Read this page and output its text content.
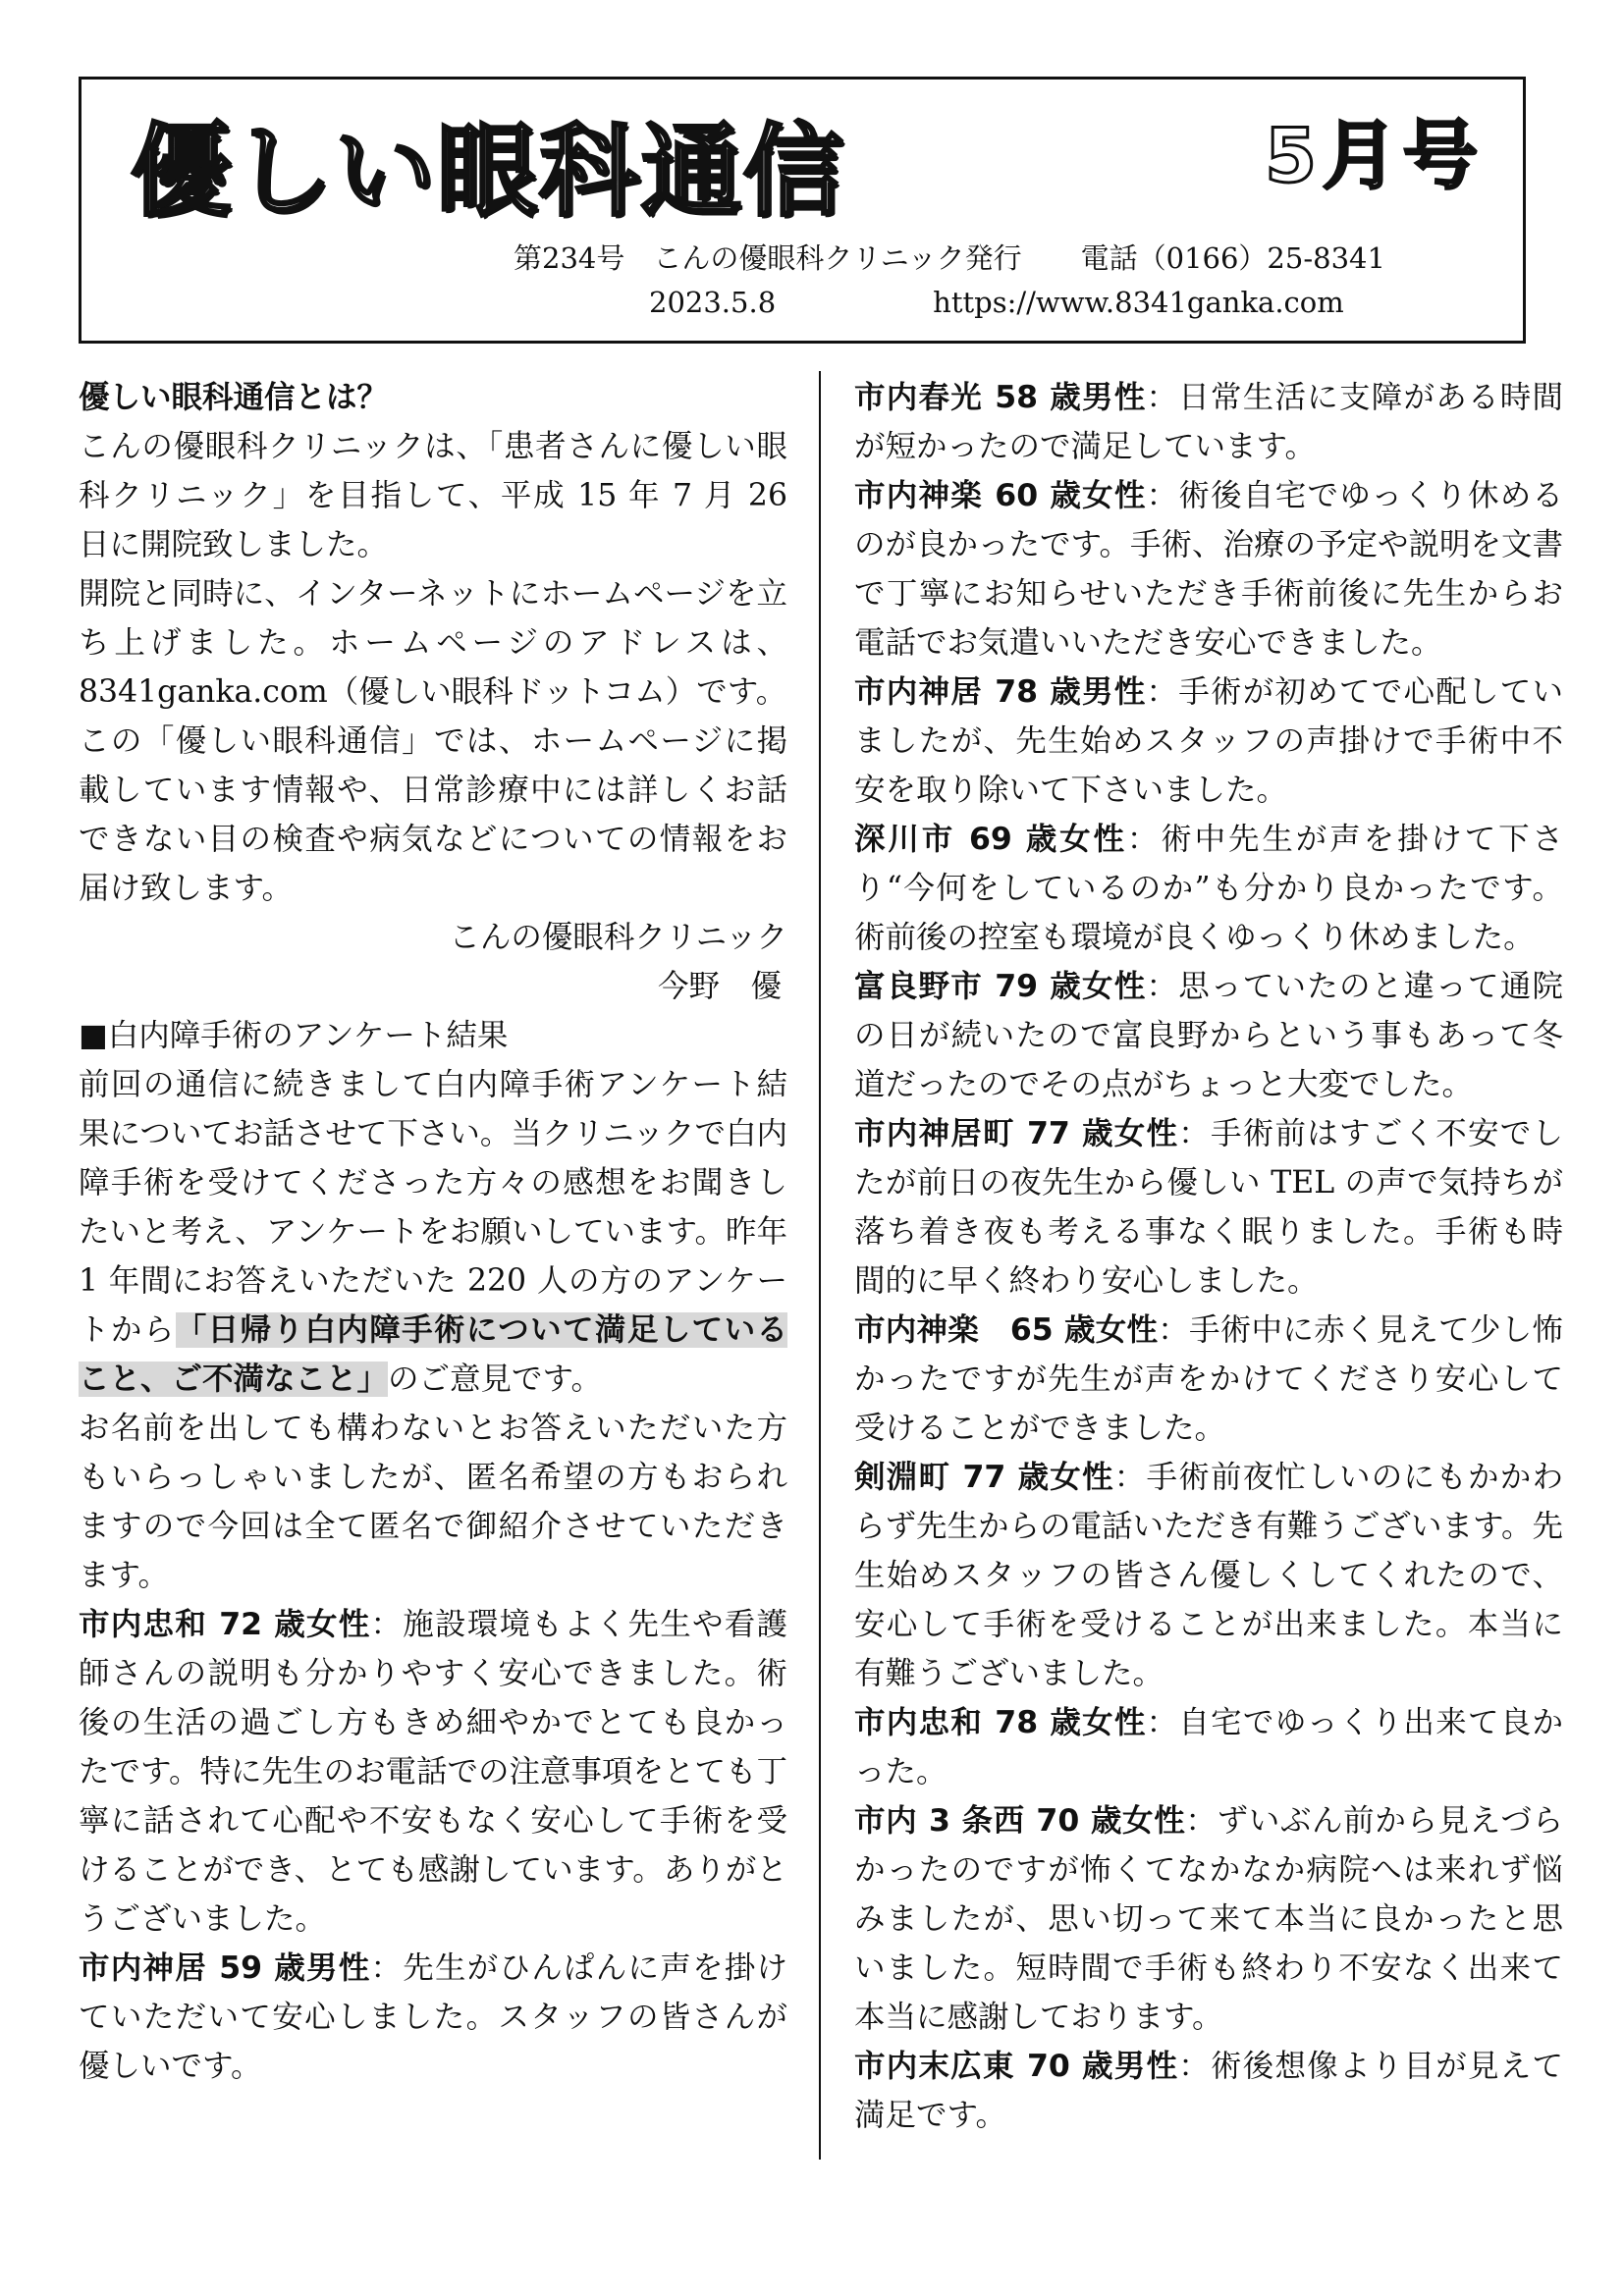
優しい眼科通信	5月号
第234号　こんの優眼科クリニック発行 電話（0166）25-8341
2023.5.8	https://www.8341ganka.com

優しい眼科通信とは？

こんの優眼科クリニックは、「患者さんに優しい眼科クリニック」を目指して、平成 15 年 7 月 26 日に開院致しました。

開院と同時に、インターネットにホームページを立ち上げました。ホームページのアドレスは、8341ganka.com（優しい眼科ドットコム）です。

この「優しい眼科通信」では、ホームページに掲載しています情報や、日常診療中には詳しくお話できない目の検査や病気などについての情報をお届け致します。

こんの優眼科クリニック

今野　優

■白内障手術のアンケート結果

前回の通信に続きまして白内障手術アンケート結果についてお話させて下さい。当クリニックで白内障手術を受けてくださった方々の感想をお聞きしたいと考え、アンケートをお願いしています。昨年 1 年間にお答えいただいた 220 人の方のアンケートから「日帰り白内障手術について満足していること、ご不満なこと」のご意見です。

お名前を出しても構わないとお答えいただいた方もいらっしゃいましたが、匿名希望の方もおられますので今回は全て匿名で御紹介させていただきます。

市内忠和 72 歳女性：施設環境もよく先生や看護師さんの説明も分かりやすく安心できました。術後の生活の過ごし方もきめ細やかでとても良かったです。特に先生のお電話での注意事項をとても丁寧に話されて心配や不安もなく安心して手術を受けることができ、とても感謝しています。ありがとうございました。

市内神居 59 歳男性：先生がひんぱんに声を掛けていただいて安心しました。スタッフの皆さんが優しいです。

市内春光 58 歳男性：日常生活に支障がある時間が短かったので満足しています。

市内神楽 60 歳女性：術後自宅でゆっくり休めるのが良かったです。手術、治療の予定や説明を文書で丁寧にお知らせいただき手術前後に先生からお電話でお気遣いいただき安心できました。

市内神居 78 歳男性：手術が初めてで心配していましたが、先生始めスタッフの声掛けで手術中不安を取り除いて下さいました。

深川市 69 歳女性：術中先生が声を掛けて下さり“今何をしているのか”も分かり良かったです。術前後の控室も環境が良くゆっくり休めました。

富良野市 79 歳女性：思っていたのと違って通院の日が続いたので富良野からという事もあって冬道だったのでその点がちょっと大変でした。

市内神居町 77 歳女性：手術前はすごく不安でしたが前日の夜先生から優しい TEL の声で気持ちが落ち着き夜も考える事なく眠りました。手術も時間的に早く終わり安心しました。

市内神楽　65 歳女性：手術中に赤く見えて少し怖かったですが先生が声をかけてくださり安心して受けることができました。

剣淵町 77 歳女性：手術前夜忙しいのにもかかわらず先生からの電話いただき有難うございます。先生始めスタッフの皆さん優しくしてくれたので、安心して手術を受けることが出来ました。本当に有難うございました。

市内忠和 78 歳女性：自宅でゆっくり出来て良かった。

市内 3 条西 70 歳女性：ずいぶん前から見えづらかったのですが怖くてなかなか病院へは来れず悩みましたが、思い切って来て本当に良かったと思いました。短時間で手術も終わり不安なく出来て本当に感謝しております。

市内末広東 70 歳男性：術後想像より目が見えて満足です。
